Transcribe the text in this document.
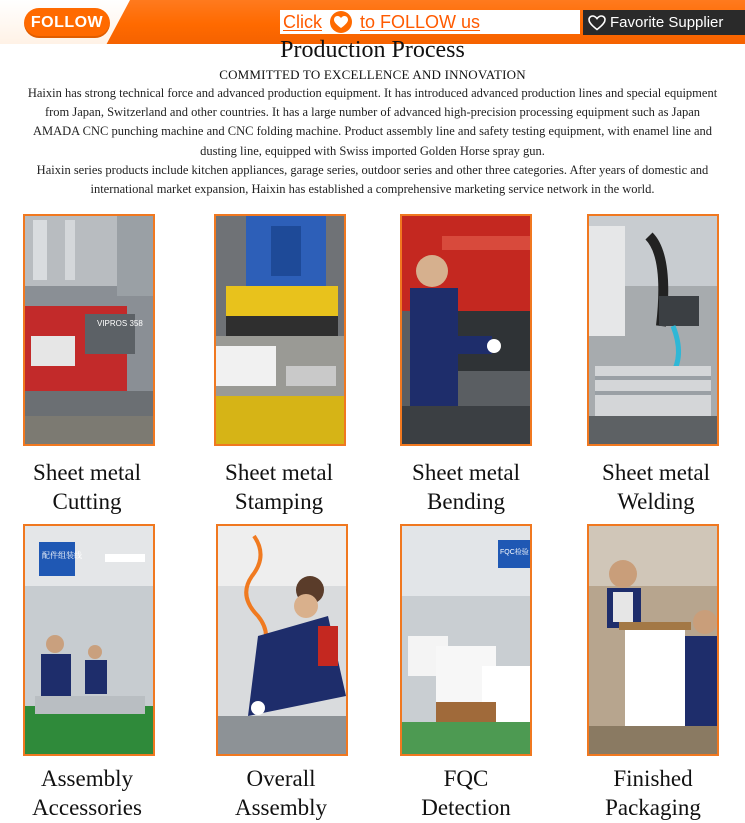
FOLLOW	Click to FOLLOW us	Favorite Supplier
Production Process
COMMITTED TO EXCELLENCE AND INNOVATION

Haixin has strong technical force and advanced production equipment. It has introduced advanced production lines and special equipment from Japan, Switzerland and other countries. It has a large number of advanced high-precision processing equipment such as Japan AMADA CNC punching machine and CNC folding machine. Product assembly line and safety testing equipment, with enamel line and dusting line, equipped with Swiss imported Golden Horse spray gun.

Haixin series products include kitchen appliances, garage series, outdoor series and other three categories. After years of domestic and international market expansion, Haixin has established a comprehensive marketing service network in the world.

VIPROS 358
Sheet metal
Cutting
Sheet metal
Stamping
Sheet metal
Bending
Sheet metal
Welding
配件组装线	FQC检验
Assembly
Accessories
Overall
Assembly
FQC
Detection
Finished
Packaging
